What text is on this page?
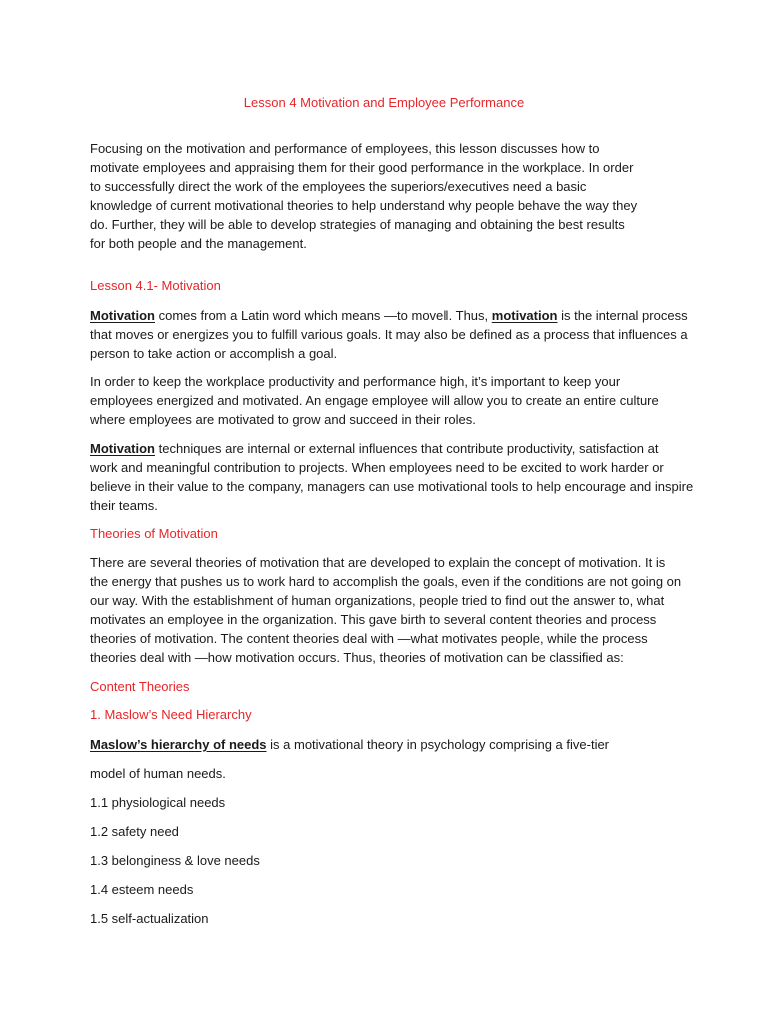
Lesson 4 Motivation and Employee Performance

Focusing on the motivation and performance of employees, this lesson discusses how to

motivate employees and appraising them for their good performance in the workplace. In order

to successfully direct the work of the employees the superiors/executives need a basic

knowledge of current motivational theories to help understand why people behave the way they

do. Further, they will be able to develop strategies of managing and obtaining the best results

for both people and the management.

Lesson 4.1- Motivation

Motivation comes from a Latin word which means —to move‖. Thus, motivation is the internal process

that moves or energizes you to fulfill various goals. It may also be defined as a process that influences a

person to take action or accomplish a goal.

In order to keep the workplace productivity and performance high, it’s important to keep your

employees energized and motivated. An engage employee will allow you to create an entire culture

where employees are motivated to grow and succeed in their roles.

Motivation techniques are internal or external influences that contribute productivity, satisfaction at

work and meaningful contribution to projects. When employees need to be excited to work harder or

believe in their value to the company, managers can use motivational tools to help encourage and inspire

their teams.

Theories of Motivation

There are several theories of motivation that are developed to explain the concept of motivation. It is

the energy that pushes us to work hard to accomplish the goals, even if the conditions are not going on

our way. With the establishment of human organizations, people tried to find out the answer to, what

motivates an employee in the organization. This gave birth to several content theories and process

theories of motivation. The content theories deal with —what motivates people, while the process

theories deal with —how motivation occurs. Thus, theories of motivation can be classified as:

Content Theories

1. Maslow’s Need Hierarchy

Maslow’s hierarchy of needs is a motivational theory in psychology comprising a five-tier

model of human needs.

1.1 physiological needs

1.2 safety need

1.3 belonginess & love needs

1.4 esteem needs

1.5 self-actualization
